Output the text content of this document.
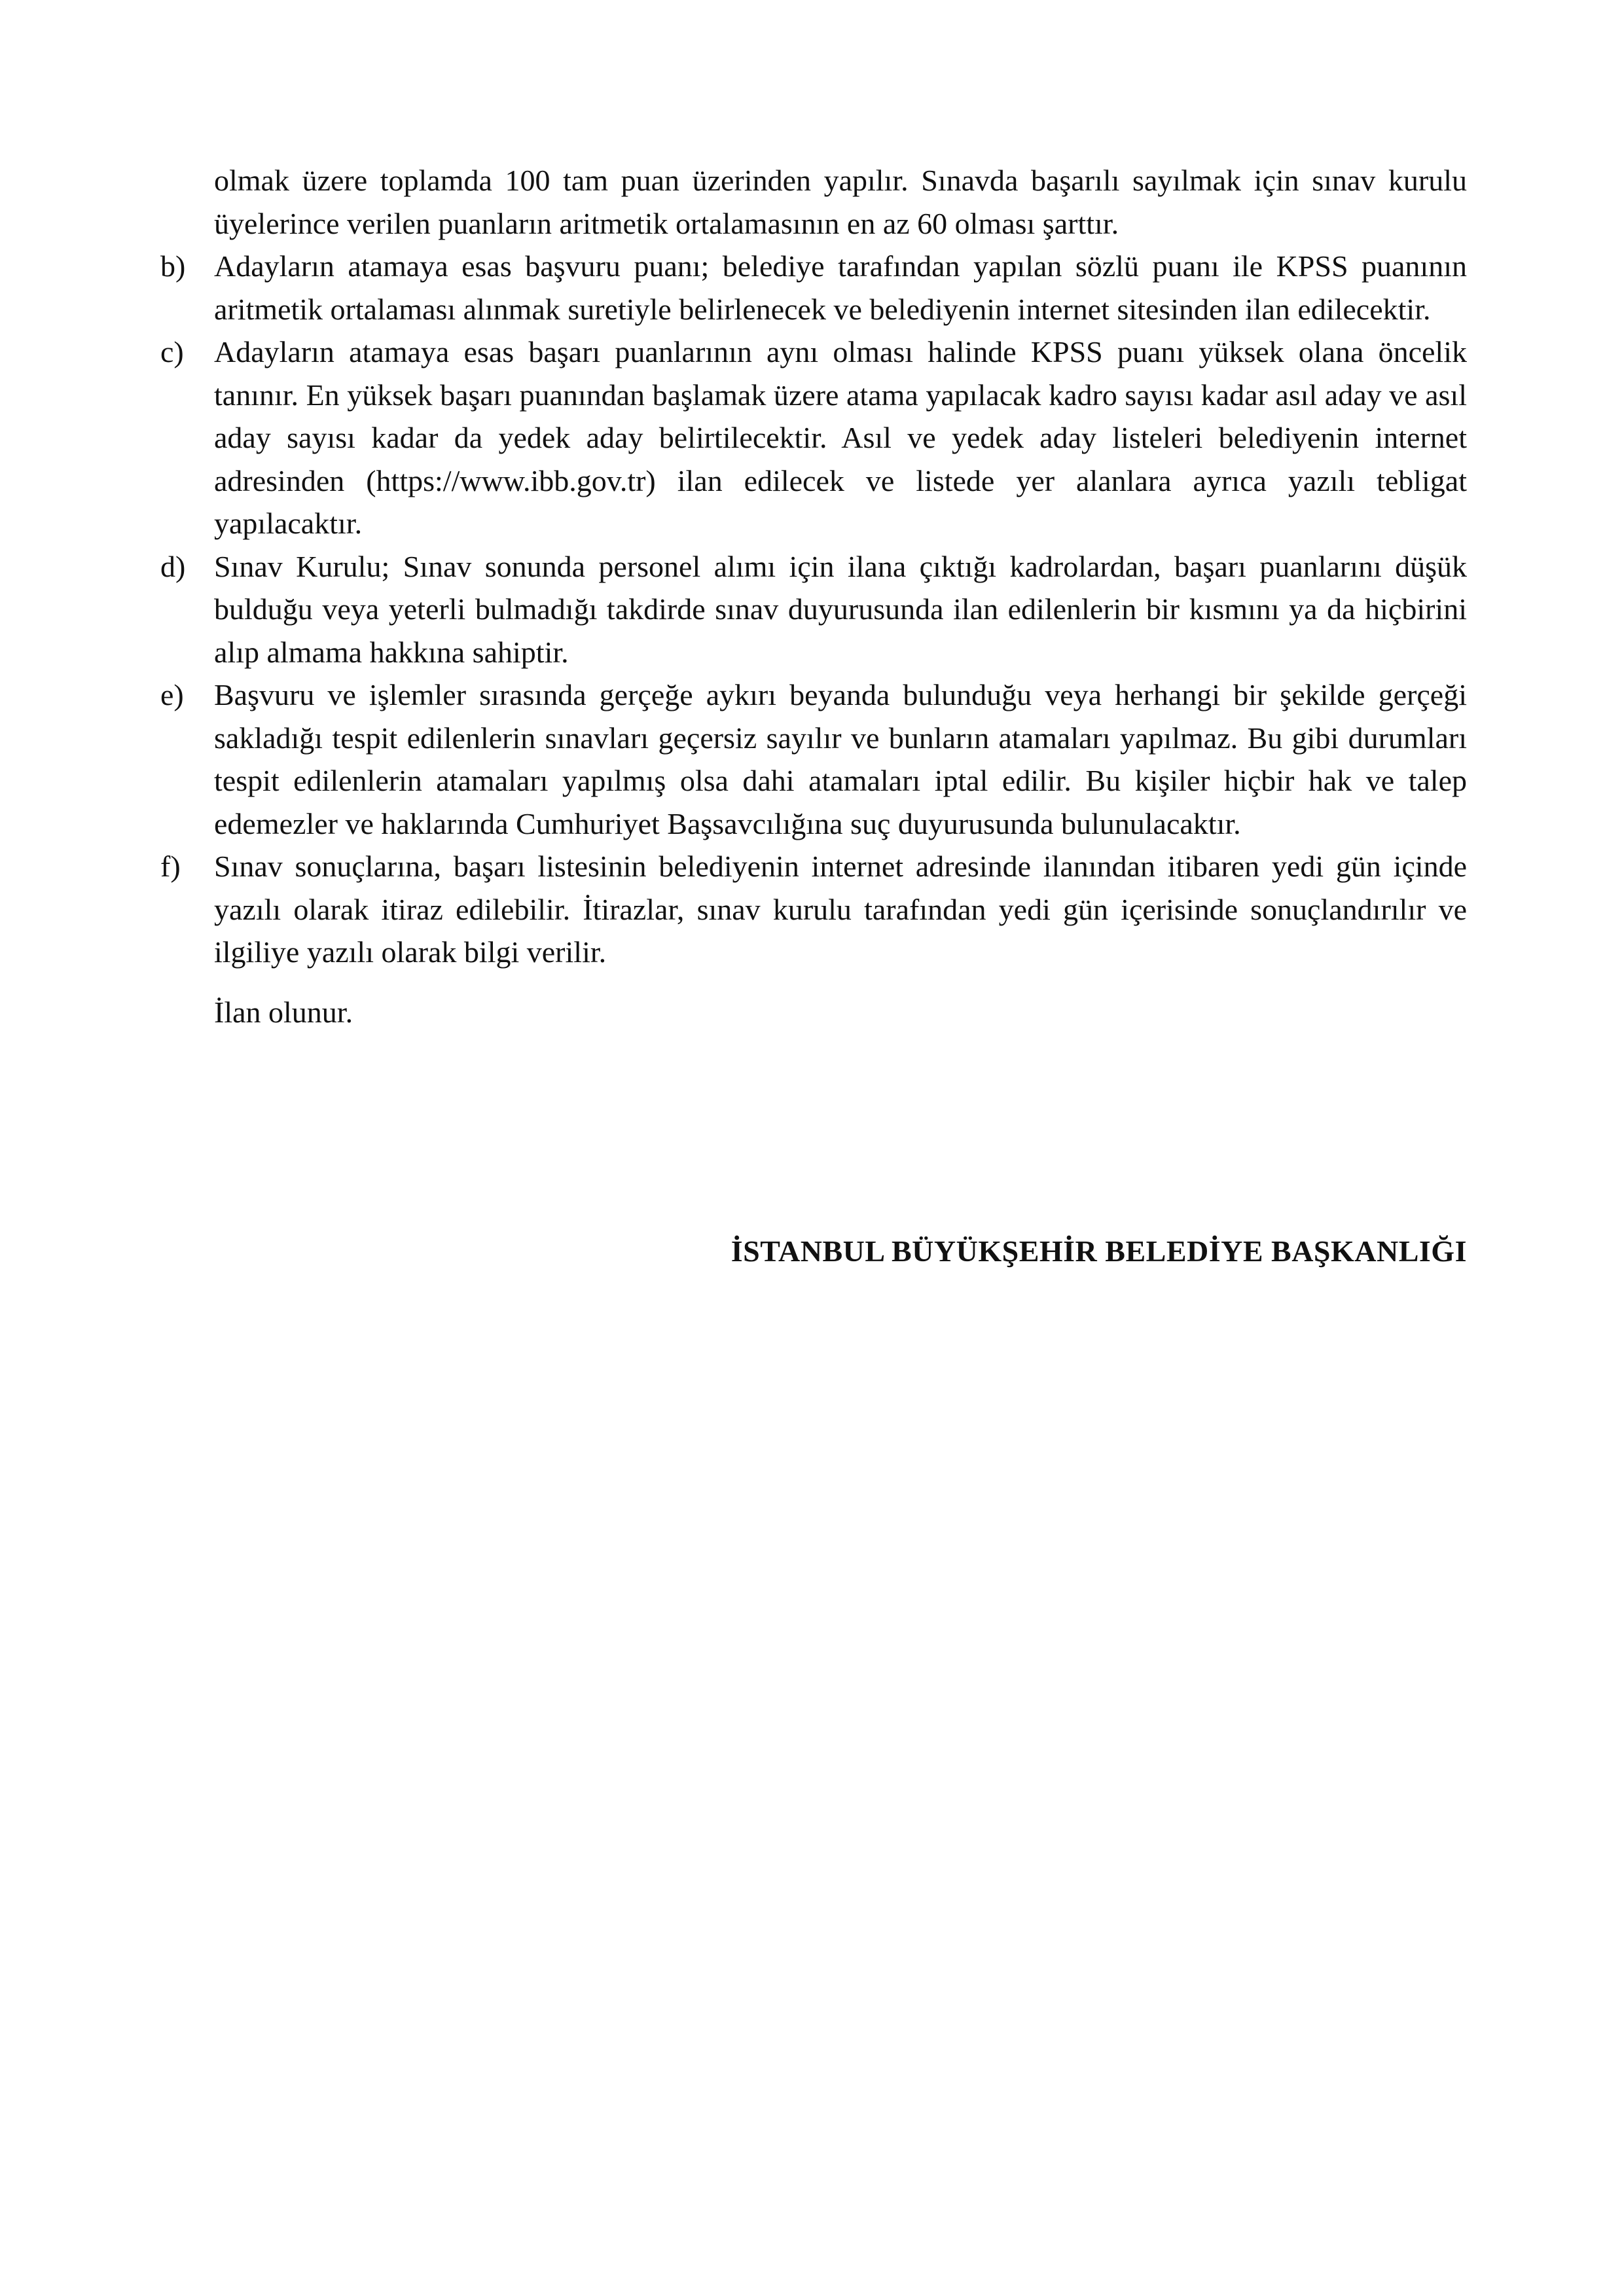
olmak üzere toplamda 100 tam puan üzerinden yapılır. Sınavda başarılı sayılmak için sınav kurulu üyelerince verilen puanların aritmetik ortalamasının en az 60 olması şarttır.

b) Adayların atamaya esas başvuru puanı; belediye tarafından yapılan sözlü puanı ile KPSS puanının aritmetik ortalaması alınmak suretiyle belirlenecek ve belediyenin internet sitesinden ilan edilecektir.
c)	Adayların atamaya esas başarı puanlarının aynı olması halinde KPSS puanı yüksek olana öncelik tanınır. En yüksek başarı puanından başlamak üzere atama yapılacak kadro sayısı kadar asıl aday ve asıl aday sayısı kadar da yedek aday belirtilecektir. Asıl ve yedek aday listeleri belediyenin internet adresinden (https://www.ibb.gov.tr) ilan edilecek ve listede yer alanlara ayrıca yazılı tebligat yapılacaktır.
d) Sınav Kurulu; Sınav sonunda personel alımı için ilana çıktığı kadrolardan, başarı puanlarını düşük bulduğu veya yeterli bulmadığı takdirde sınav duyurusunda ilan edilenlerin bir kısmını ya da hiçbirini alıp almama hakkına sahiptir.
e)	Başvuru ve işlemler sırasında gerçeğe aykırı beyanda bulunduğu veya herhangi bir şekilde gerçeği sakladığı tespit edilenlerin sınavları geçersiz sayılır ve bunların atamaları yapılmaz. Bu gibi durumları tespit edilenlerin atamaları yapılmış olsa dahi atamaları iptal edilir. Bu kişiler hiçbir hak ve talep edemezler ve haklarında Cumhuriyet Başsavcılığına suç duyurusunda bulunulacaktır.
f)	Sınav sonuçlarına, başarı listesinin belediyenin internet adresinde ilanından itibaren yedi gün içinde yazılı olarak itiraz edilebilir. İtirazlar, sınav kurulu tarafından yedi gün içerisinde sonuçlandırılır ve ilgiliye yazılı olarak bilgi verilir.

İlan olunur.

İSTANBUL BÜYÜKŞEHİR BELEDİYE BAŞKANLIĞI
